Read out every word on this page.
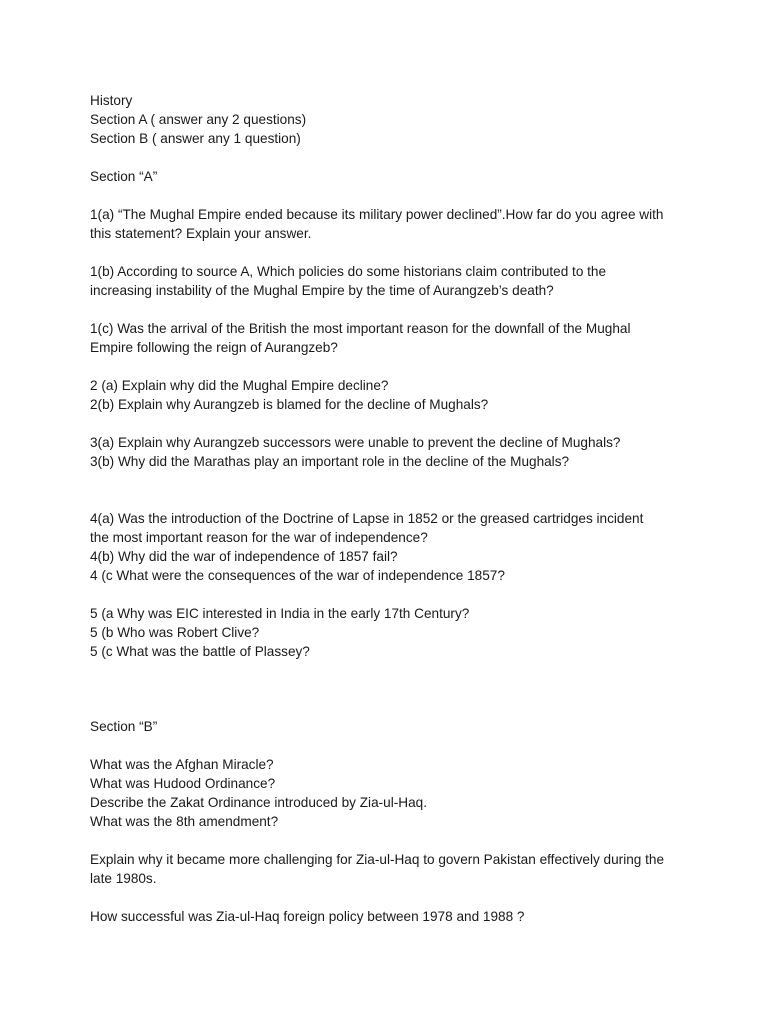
History
Section A ( answer any 2 questions)
Section B ( answer any 1 question)
Section “A”
1(a) “The Mughal Empire ended because its military power declined”.How far do you agree with
this statement? Explain your answer.
1(b) According to source A, Which policies do some historians claim contributed to the
increasing instability of the Mughal Empire by the time of Aurangzeb’s death?
1(c) Was the arrival of the British the most important reason for the downfall of the Mughal
Empire following the reign of Aurangzeb?
2 (a) Explain why did the Mughal Empire decline?
2(b) Explain why Aurangzeb is blamed for the decline of Mughals?
3(a) Explain why Aurangzeb successors were unable to prevent the decline of Mughals?
3(b) Why did the Marathas play an important role in the decline of the Mughals?
4(a) Was the introduction of the Doctrine of Lapse in 1852 or the greased cartridges incident
the most important reason for the war of independence?
4(b) Why did the war of independence of 1857 fail?
4 (c What were the consequences of the war of independence 1857?
5 (a Why was EIC interested in India in the early 17th Century?
5 (b Who was Robert Clive?
5 (c What was the battle of Plassey?
Section “B”
What was the Afghan Miracle?
What was Hudood Ordinance?
Describe the Zakat Ordinance introduced by Zia-ul-Haq.
What was the 8th amendment?
Explain why it became more challenging for Zia-ul-Haq to govern Pakistan effectively during the
late 1980s.
How successful was Zia-ul-Haq foreign policy between 1978 and 1988 ?
